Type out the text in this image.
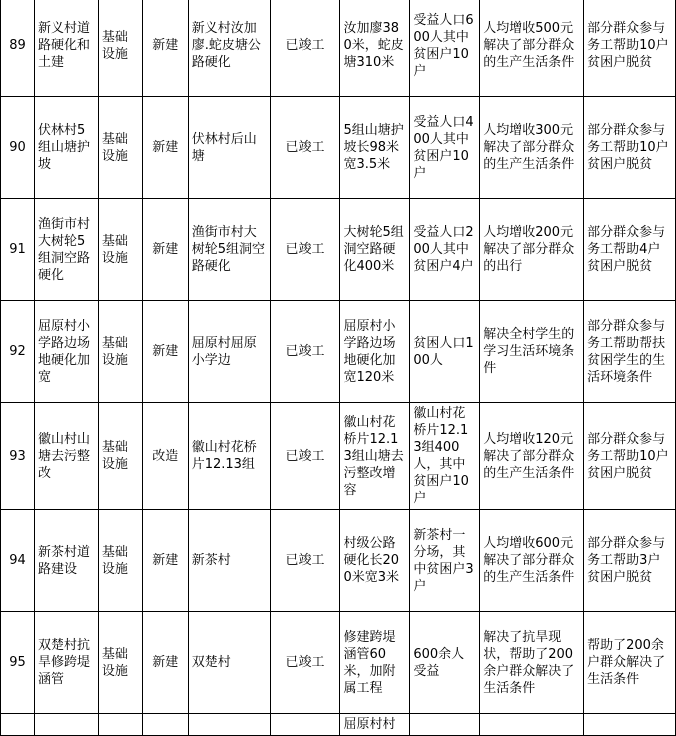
89	新义村道路硬化和土建	基础设施	新建	新义村汝加廖.蛇皮塘公路硬化	已竣工	汝加廖380米，蛇皮塘310米	受益人口600人其中贫困户10户	人均增收500元解决了部分群众的生产生活条件	部分群众参与务工帮助10户贫困户脱贫
90	伏林村5组山塘护坡	基础设施	新建	伏林村后山塘	已竣工	5组山塘护坡长98米宽3.5米	受益人口400人其中贫困户10户	人均增收300元解决了部分群众的生产生活条件	部分群众参与务工帮助10户贫困户脱贫
91	渔街市村大树轮5组洞空路硬化	基础设施	新建	渔街市村大树轮5组洞空路硬化	已竣工	大树轮5组洞空路硬化400米	受益人口200人其中贫困户4户	人均增收200元解决了部分群众的出行	部分群众参与务工帮助4户贫困户脱贫
92	屈原村小学路边场地硬化加宽	基础设施	新建	屈原村屈原小学边	已竣工	屈原村小学路边场地硬化加宽120米	贫困人口100人	解决全村学生的学习生活环境条件	部分群众参与务工帮助帮扶贫困学生的生活环境条件
93	徽山村山塘去污整改	基础设施	改造	徽山村花桥片12.13组	已竣工	徽山村花桥片12.13组山塘去污整改增容	徽山村花桥片12.13组400人，其中贫困户10户	人均增收120元解决了部分群众的生产生活条件	部分群众参与务工帮助10户贫困户脱贫
94	新茶村道路建设	基础设施	新建	新茶村	已竣工	村级公路硬化长200米宽3米	新茶村一分场，其中贫困户3户	人均增收600元解决了部分群众的生产生活条件	部分群众参与务工帮助3户贫困户脱贫
95	双楚村抗旱修跨堤涵管	基础设施	新建	双楚村	已竣工	修建跨堤涵管60米，加附属工程	600余人受益	解决了抗旱现状，帮助了200余户群众解决了生活条件	帮助了200余户群众解决了生活条件
						屈原村村			
